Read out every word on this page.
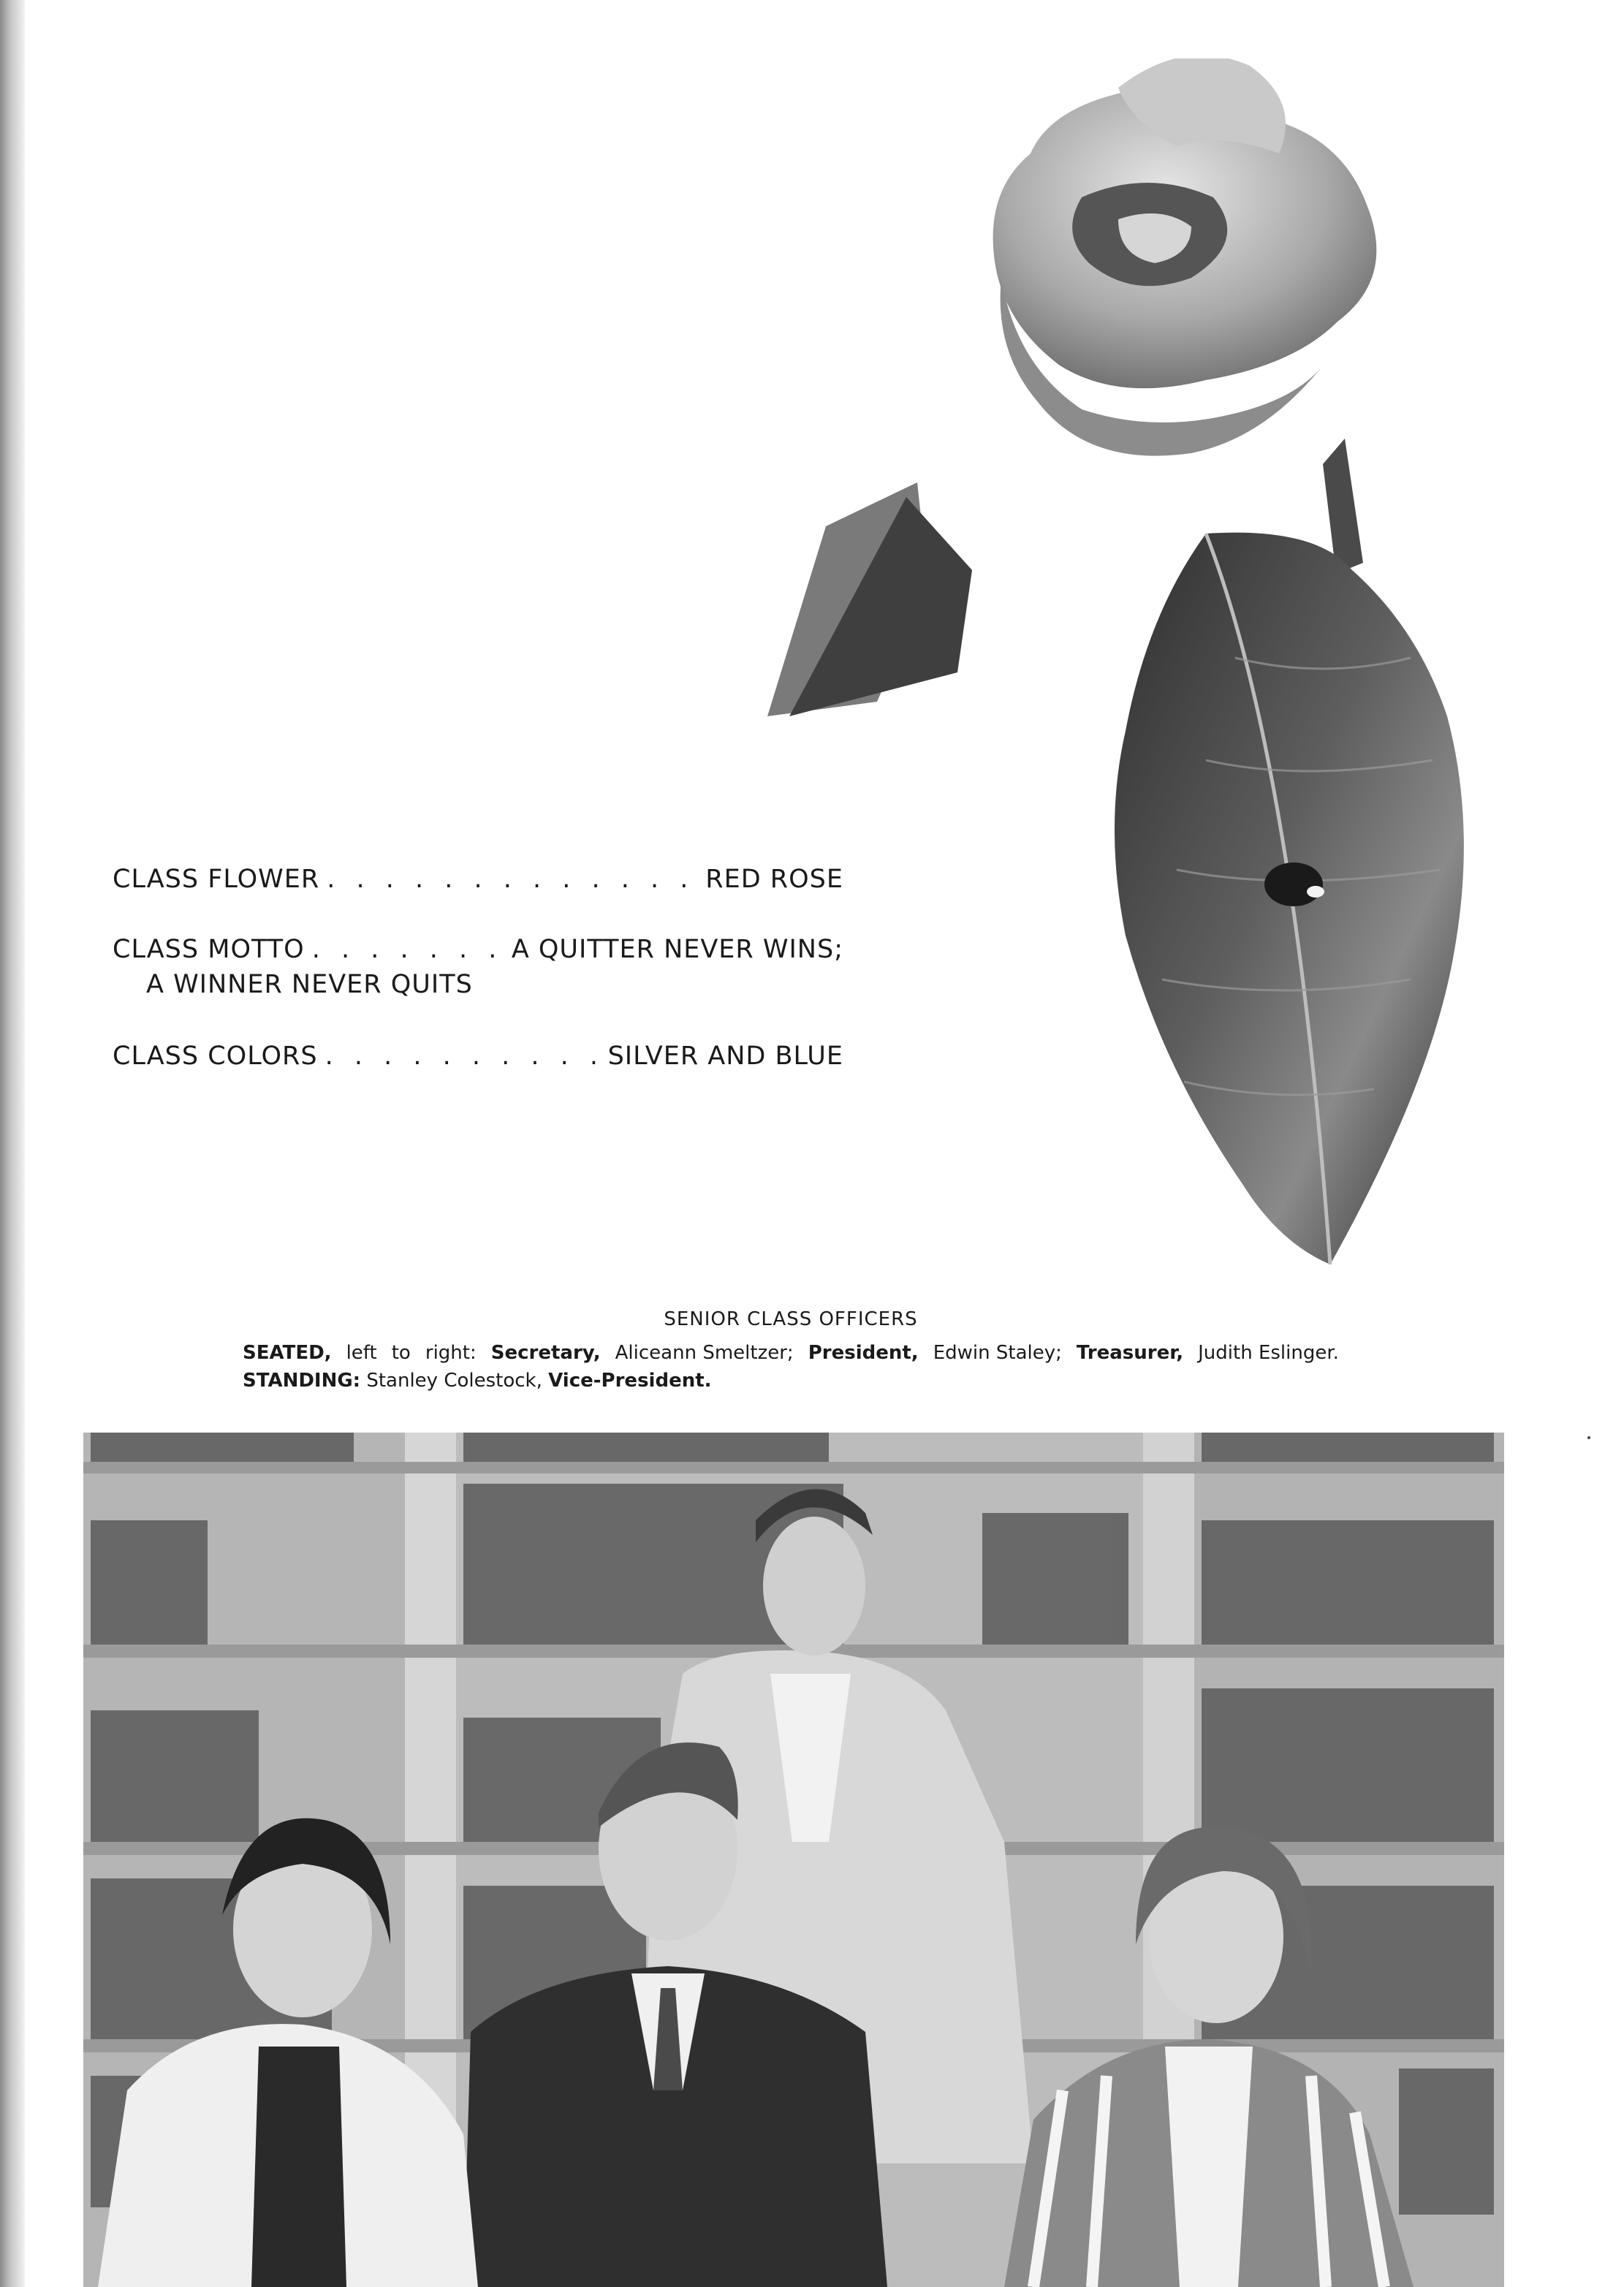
CLASS FLOWER . . .	RED ROSE
CLASS MOTTO . . .	A QUITTER NEVER WINS;
A WINNER NEVER QUITS
CLASS COLORS . . .	SILVER AND BLUE
SENIOR CLASS OFFICERS
SEATED, left to right: Secretary, Aliceann Smeltzer; President, Edwin Staley; Treasurer, Judith Eslinger.
STANDING: Stanley Colestock, Vice-President.
